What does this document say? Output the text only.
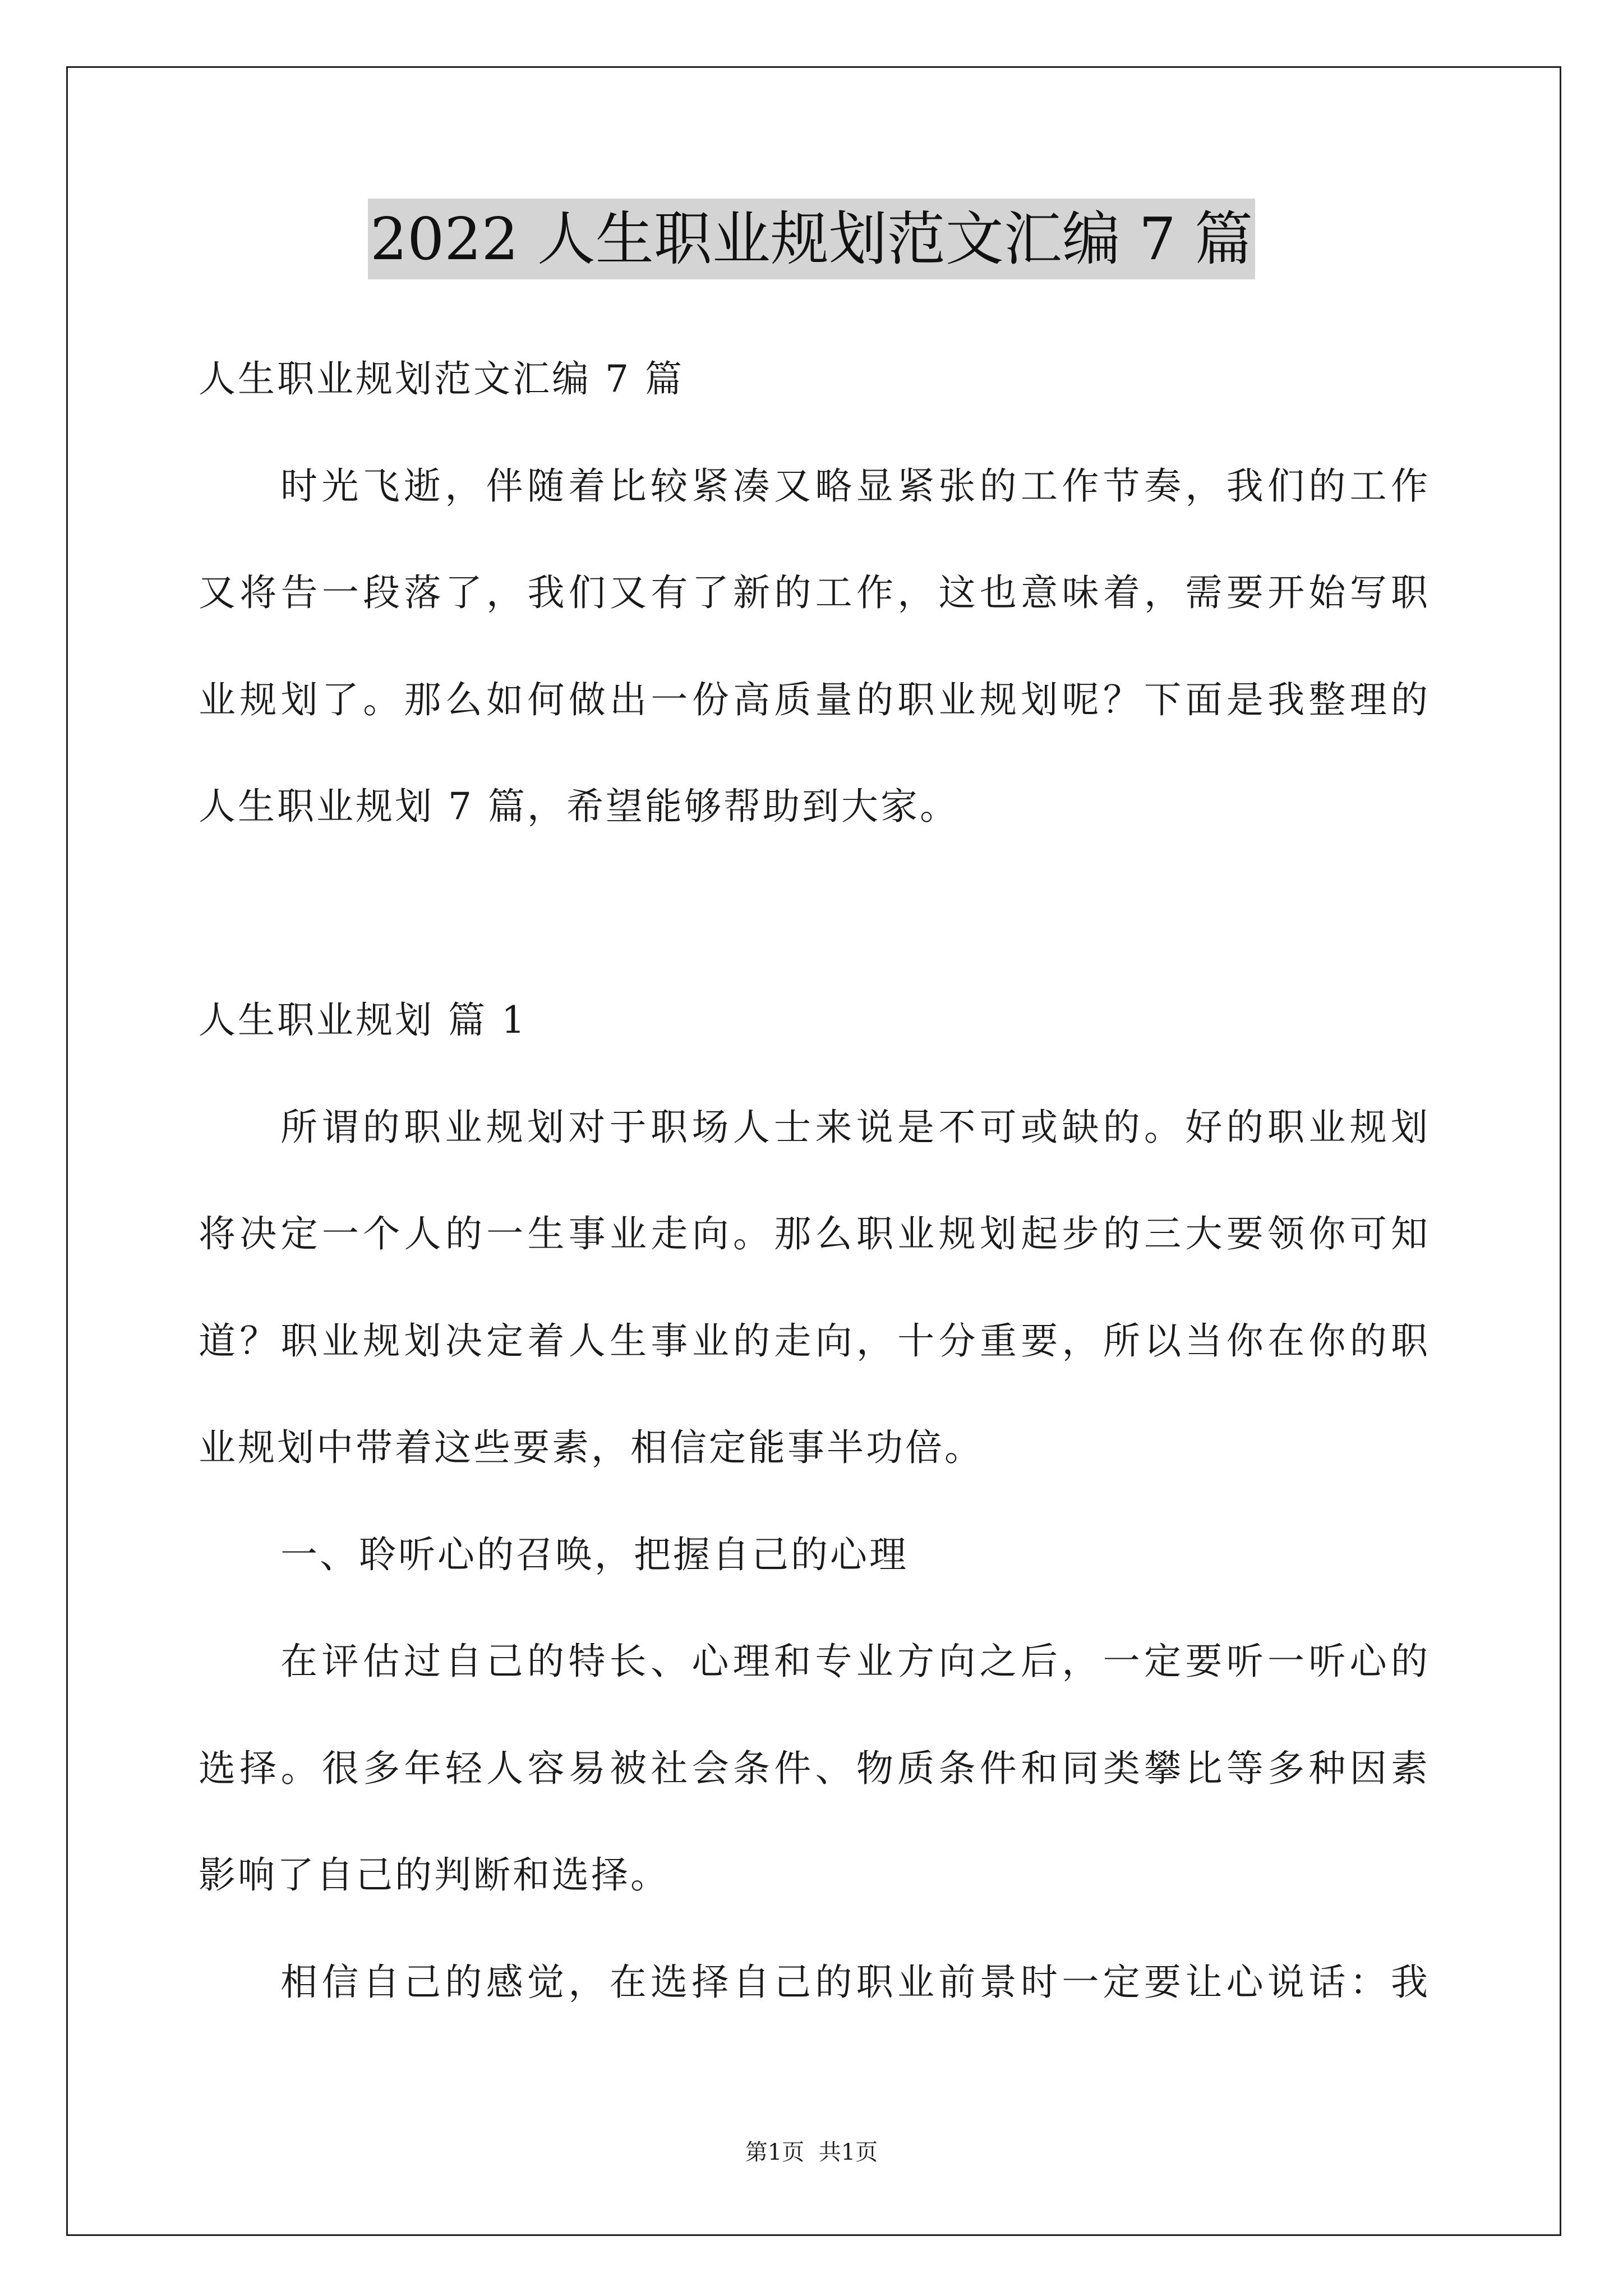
2022 人生职业规划范文汇编 7 篇
人生职业规划范文汇编 7 篇
时光飞逝，伴随着比较紧凑又略显紧张的工作节奏，我们的工作
又将告一段落了，我们又有了新的工作，这也意味着，需要开始写职
业规划了。那么如何做出一份高质量的职业规划呢？下面是我整理的
人生职业规划 7 篇，希望能够帮助到大家。
人生职业规划 篇 1
所谓的职业规划对于职场人士来说是不可或缺的。好的职业规划
将决定一个人的一生事业走向。那么职业规划起步的三大要领你可知
道？职业规划决定着人生事业的走向，十分重要，所以当你在你的职
业规划中带着这些要素，相信定能事半功倍。
一、聆听心的召唤，把握自己的心理
在评估过自己的特长、心理和专业方向之后，一定要听一听心的
选择。很多年轻人容易被社会条件、物质条件和同类攀比等多种因素
影响了自己的判断和选择。
相信自己的感觉，在选择自己的职业前景时一定要让心说话：我
第1页  共1页
